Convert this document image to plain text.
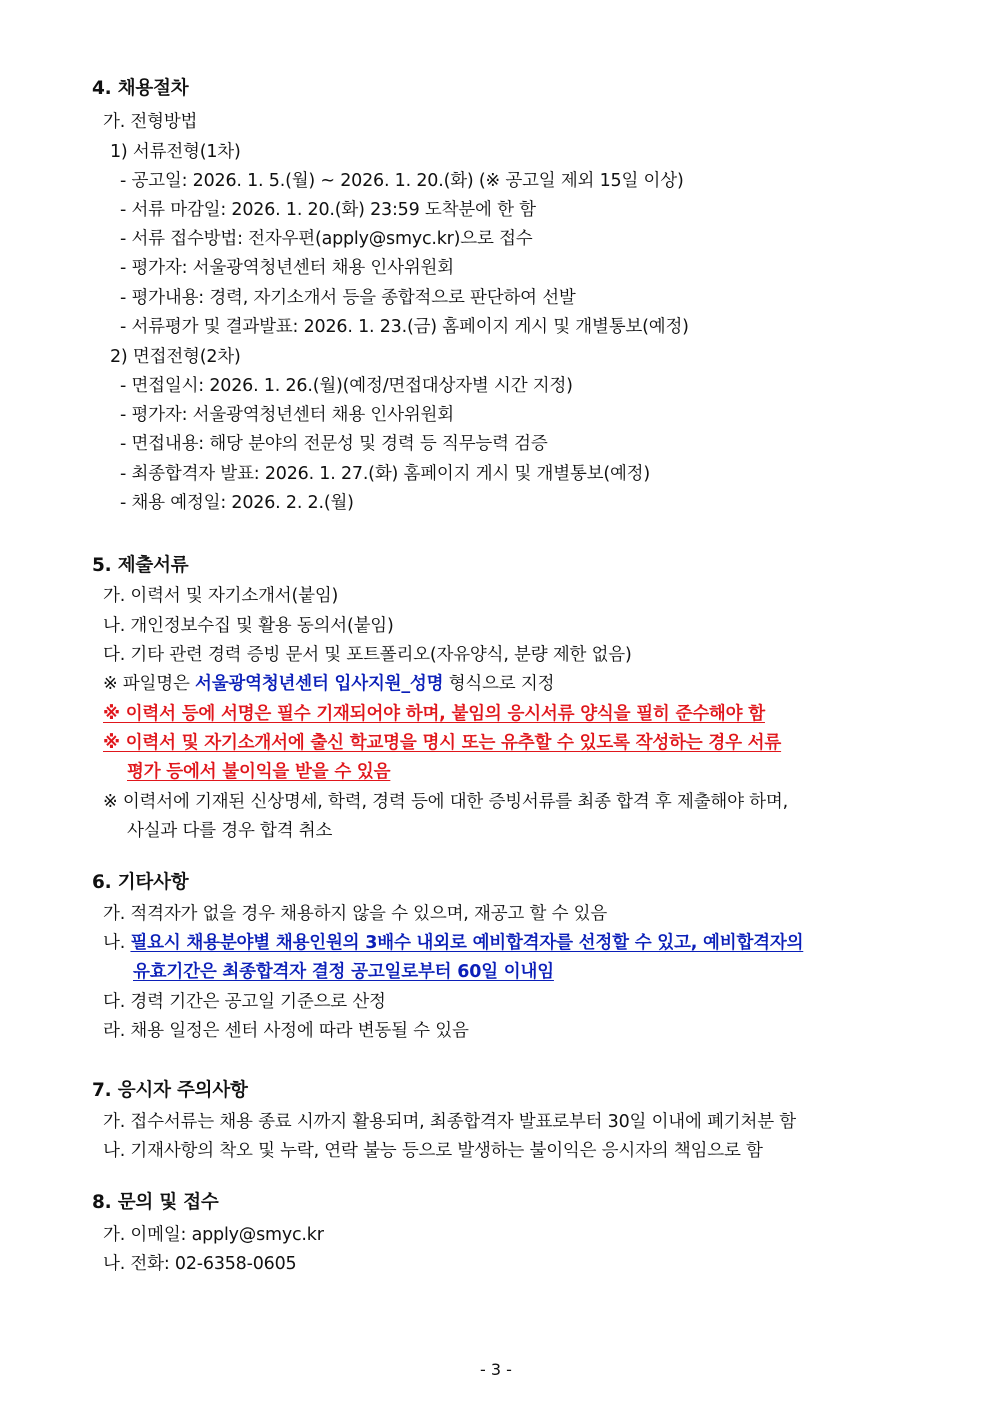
4. 채용절차
가. 전형방법
1) 서류전형(1차)
- 공고일: 2026. 1. 5.(월) ~ 2026. 1. 20.(화) (※ 공고일 제외 15일 이상)
- 서류 마감일: 2026. 1. 20.(화) 23:59 도착분에 한 함
- 서류 접수방법: 전자우편(apply@smyc.kr)으로 접수
- 평가자: 서울광역청년센터 채용 인사위원회
- 평가내용: 경력, 자기소개서 등을 종합적으로 판단하여 선발
- 서류평가 및 결과발표: 2026. 1. 23.(금) 홈페이지 게시 및 개별통보(예정)
2) 면접전형(2차)
- 면접일시: 2026. 1. 26.(월)(예정/면접대상자별 시간 지정)
- 평가자: 서울광역청년센터 채용 인사위원회
- 면접내용: 해당 분야의 전문성 및 경력 등 직무능력 검증
- 최종합격자 발표: 2026. 1. 27.(화) 홈페이지 게시 및 개별통보(예정)
- 채용 예정일: 2026. 2. 2.(월)
5. 제출서류
가. 이력서 및 자기소개서(붙임)
나. 개인정보수집 및 활용 동의서(붙임)
다. 기타 관련 경력 증빙 문서 및 포트폴리오(자유양식, 분량 제한 없음)
※ 파일명은 서울광역청년센터 입사지원_성명 형식으로 지정
※ 이력서 등에 서명은 필수 기재되어야 하며, 붙임의 응시서류 양식을 필히 준수해야 함
※ 이력서 및 자기소개서에 출신 학교명을 명시 또는 유추할 수 있도록 작성하는 경우 서류
평가 등에서 불이익을 받을 수 있음
※ 이력서에 기재된 신상명세, 학력, 경력 등에 대한 증빙서류를 최종 합격 후 제출해야 하며,
사실과 다를 경우 합격 취소
6. 기타사항
가. 적격자가 없을 경우 채용하지 않을 수 있으며, 재공고 할 수 있음
나. 필요시 채용분야별 채용인원의 3배수 내외로 예비합격자를 선정할 수 있고, 예비합격자의
유효기간은 최종합격자 결정 공고일로부터 60일 이내임
다. 경력 기간은 공고일 기준으로 산정
라. 채용 일정은 센터 사정에 따라 변동될 수 있음
7. 응시자 주의사항
가. 접수서류는 채용 종료 시까지 활용되며, 최종합격자 발표로부터 30일 이내에 폐기처분 함
나. 기재사항의 착오 및 누락, 연락 불능 등으로 발생하는 불이익은 응시자의 책임으로 함
8. 문의 및 접수
가. 이메일: apply@smyc.kr
나. 전화: 02-6358-0605
- 3 -
